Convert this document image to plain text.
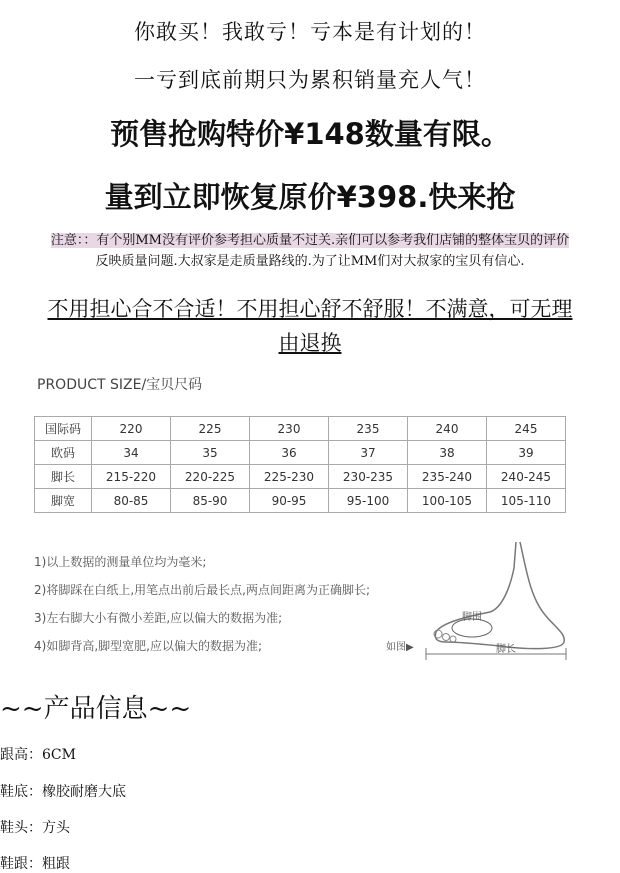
你敢买！我敢亏！亏本是有计划的！
一亏到底前期只为累积销量充人气！
预售抢购特价¥148数量有限。
量到立即恢复原价¥398.快来抢
注意：：有个别MM没有评价参考担心质量不过关.亲们可以参考我们店铺的整体宝贝的评价
反映质量问题.大叔家是走质量路线的.为了让MM们对大叔家的宝贝有信心.
不用担心合不合适！不用担心舒不舒服！不满意，可无理
由退换
PRODUCT SIZE/宝贝尺码
国际码	220	225	230	235	240	245
欧码	34	35	36	37	38	39
脚长	215-220	220-225	225-230	230-235	235-240	240-245
脚宽	80-85	85-90	90-95	95-100	100-105	105-110
1)以上数据的测量单位均为毫米;
2)将脚踩在白纸上,用笔点出前后最长点,两点间距离为正确脚长;
3)左右脚大小有微小差距,应以偏大的数据为准;
4)如脚背高,脚型宽肥,应以偏大的数据为准;
脚围
脚长
如图▶
~~产品信息~~
跟高：6CM
鞋底：橡胶耐磨大底
鞋头：方头
鞋跟：粗跟
